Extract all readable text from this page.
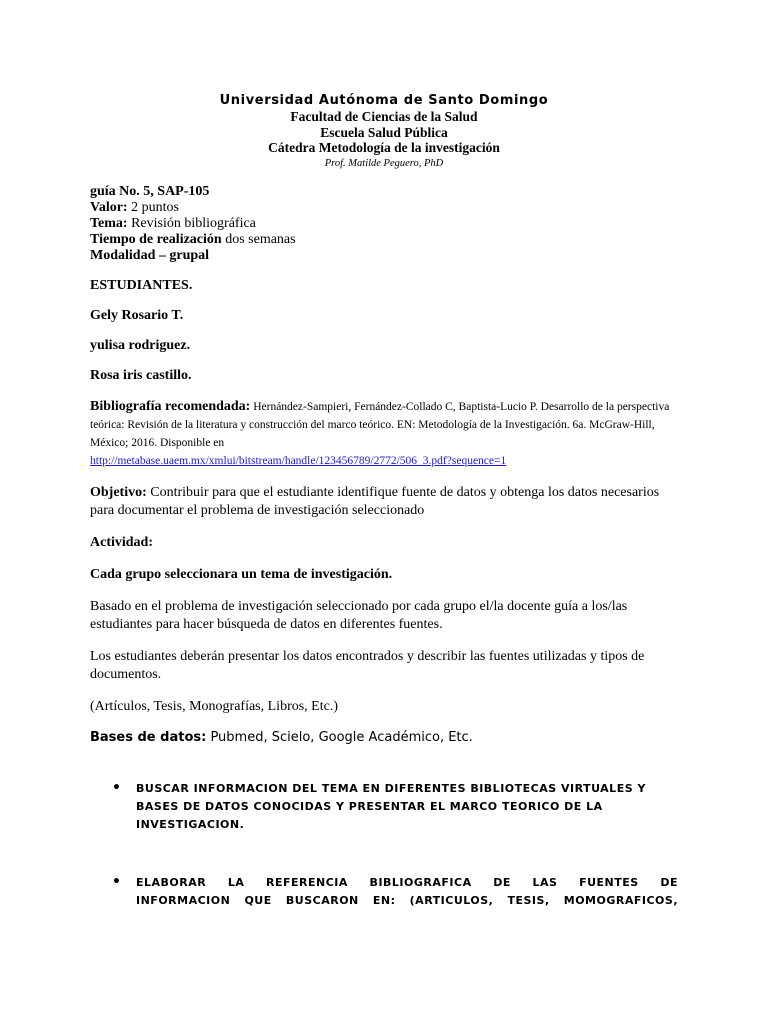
Universidad Autónoma de Santo Domingo
Facultad de Ciencias de la Salud
Escuela Salud Pública
Cátedra Metodología de la investigación
Prof. Matilde Peguero, PhD
guía No. 5, SAP-105
Valor: 2 puntos
Tema: Revisión bibliográfica
Tiempo de realización dos semanas
Modalidad – grupal

ESTUDIANTES.

Gely Rosario T.

yulisa rodriguez.

Rosa iris castillo.

Bibliografía recomendada: Hernández-Sampieri, Fernández-Collado C, Baptista-Lucio P. Desarrollo de la perspectiva teórica: Revisión de la literatura y construcción del marco teórico. EN: Metodología de la Investigación. 6a. McGraw-Hill, México; 2016. Disponible en
http://metabase.uaem.mx/xmlui/bitstream/handle/123456789/2772/506_3.pdf?sequence=1

Objetivo: Contribuir para que el estudiante identifique fuente de datos y obtenga los datos necesarios para documentar el problema de investigación seleccionado

Actividad:

Cada grupo seleccionara un tema de investigación.

Basado en el problema de investigación seleccionado por cada grupo el/la docente guía a los/las estudiantes para hacer búsqueda de datos en diferentes fuentes.

Los estudiantes deberán presentar los datos encontrados y describir las fuentes utilizadas y tipos de documentos.

(Artículos, Tesis, Monografías, Libros, Etc.)

Bases de datos: Pubmed, Scielo, Google Académico, Etc.

• BUSCAR INFORMACION DEL TEMA EN DIFERENTES BIBLIOTECAS VIRTUALES Y BASES DE DATOS CONOCIDAS Y PRESENTAR EL MARCO TEORICO DE LA INVESTIGACION.
• ELABORAR LA REFERENCIA BIBLIOGRAFICA DE LAS FUENTES DE
INFORMACION QUE BUSCARON EN: (ARTICULOS, TESIS, MOMOGRAFICOS,
